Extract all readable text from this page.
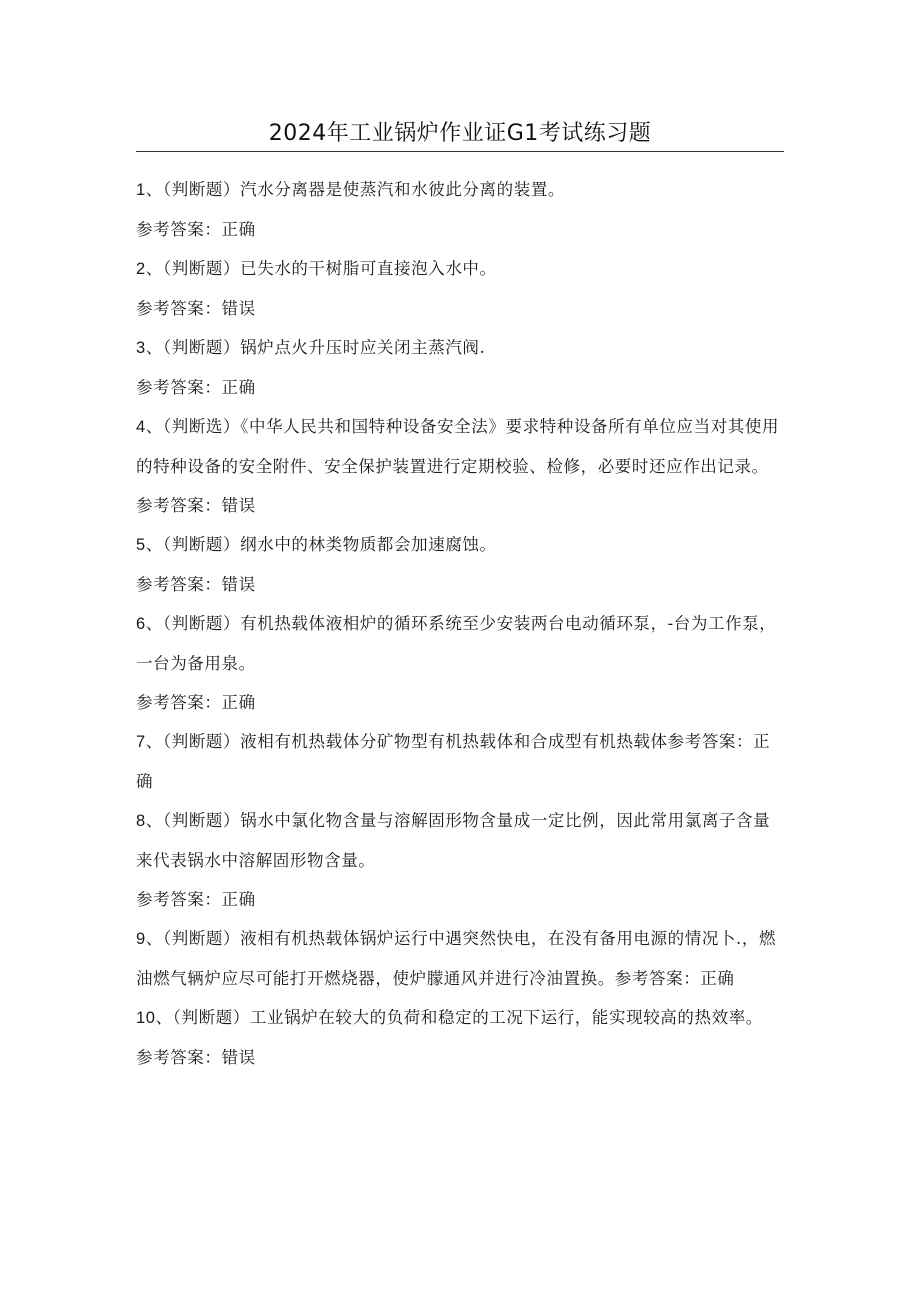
2024年工业锅炉作业证G1考试练习题

1、（判断题）汽水分离器是使蒸汽和水彼此分离的装置。

参考答案：正确

2、（判断题）已失水的干树脂可直接泡入水中。

参考答案：错误

3、（判断题）锅炉点火升压时应关闭主蒸汽阀.

参考答案：正确

4、（判断选）《中华人民共和国特种设备安全法》要求特种设备所有单位应当对其使用的特种设备的安全附件、安全保护装置进行定期校验、检修，必要时还应作出记录。

参考答案：错误

5、（判断题）纲水中的林类物质都会加速腐蚀。

参考答案：错误

6、（判断题）有机热载体液相炉的循环系统至少安装两台电动循环泵，-台为工作泵，一台为备用泉。

参考答案：正确

7、（判断题）液相有机热载体分矿物型有机热载体和合成型有机热载体参考答案：正确

8、（判断题）锅水中氯化物含量与溶解固形物含量成一定比例，因此常用氯离子含量来代表锅水中溶解固形物含量。

参考答案：正确

9、（判断题）液相有机热载体锅炉运行中遇突然快电，在没有备用电源的情况卜.，燃油燃气辆炉应尽可能打开燃烧器，使炉朦通风并进行冷油置换。参考答案：正确

10、（判断题）工业锅炉在较大的负荷和稳定的工况下运行，能实现较高的热效率。

参考答案：错误
